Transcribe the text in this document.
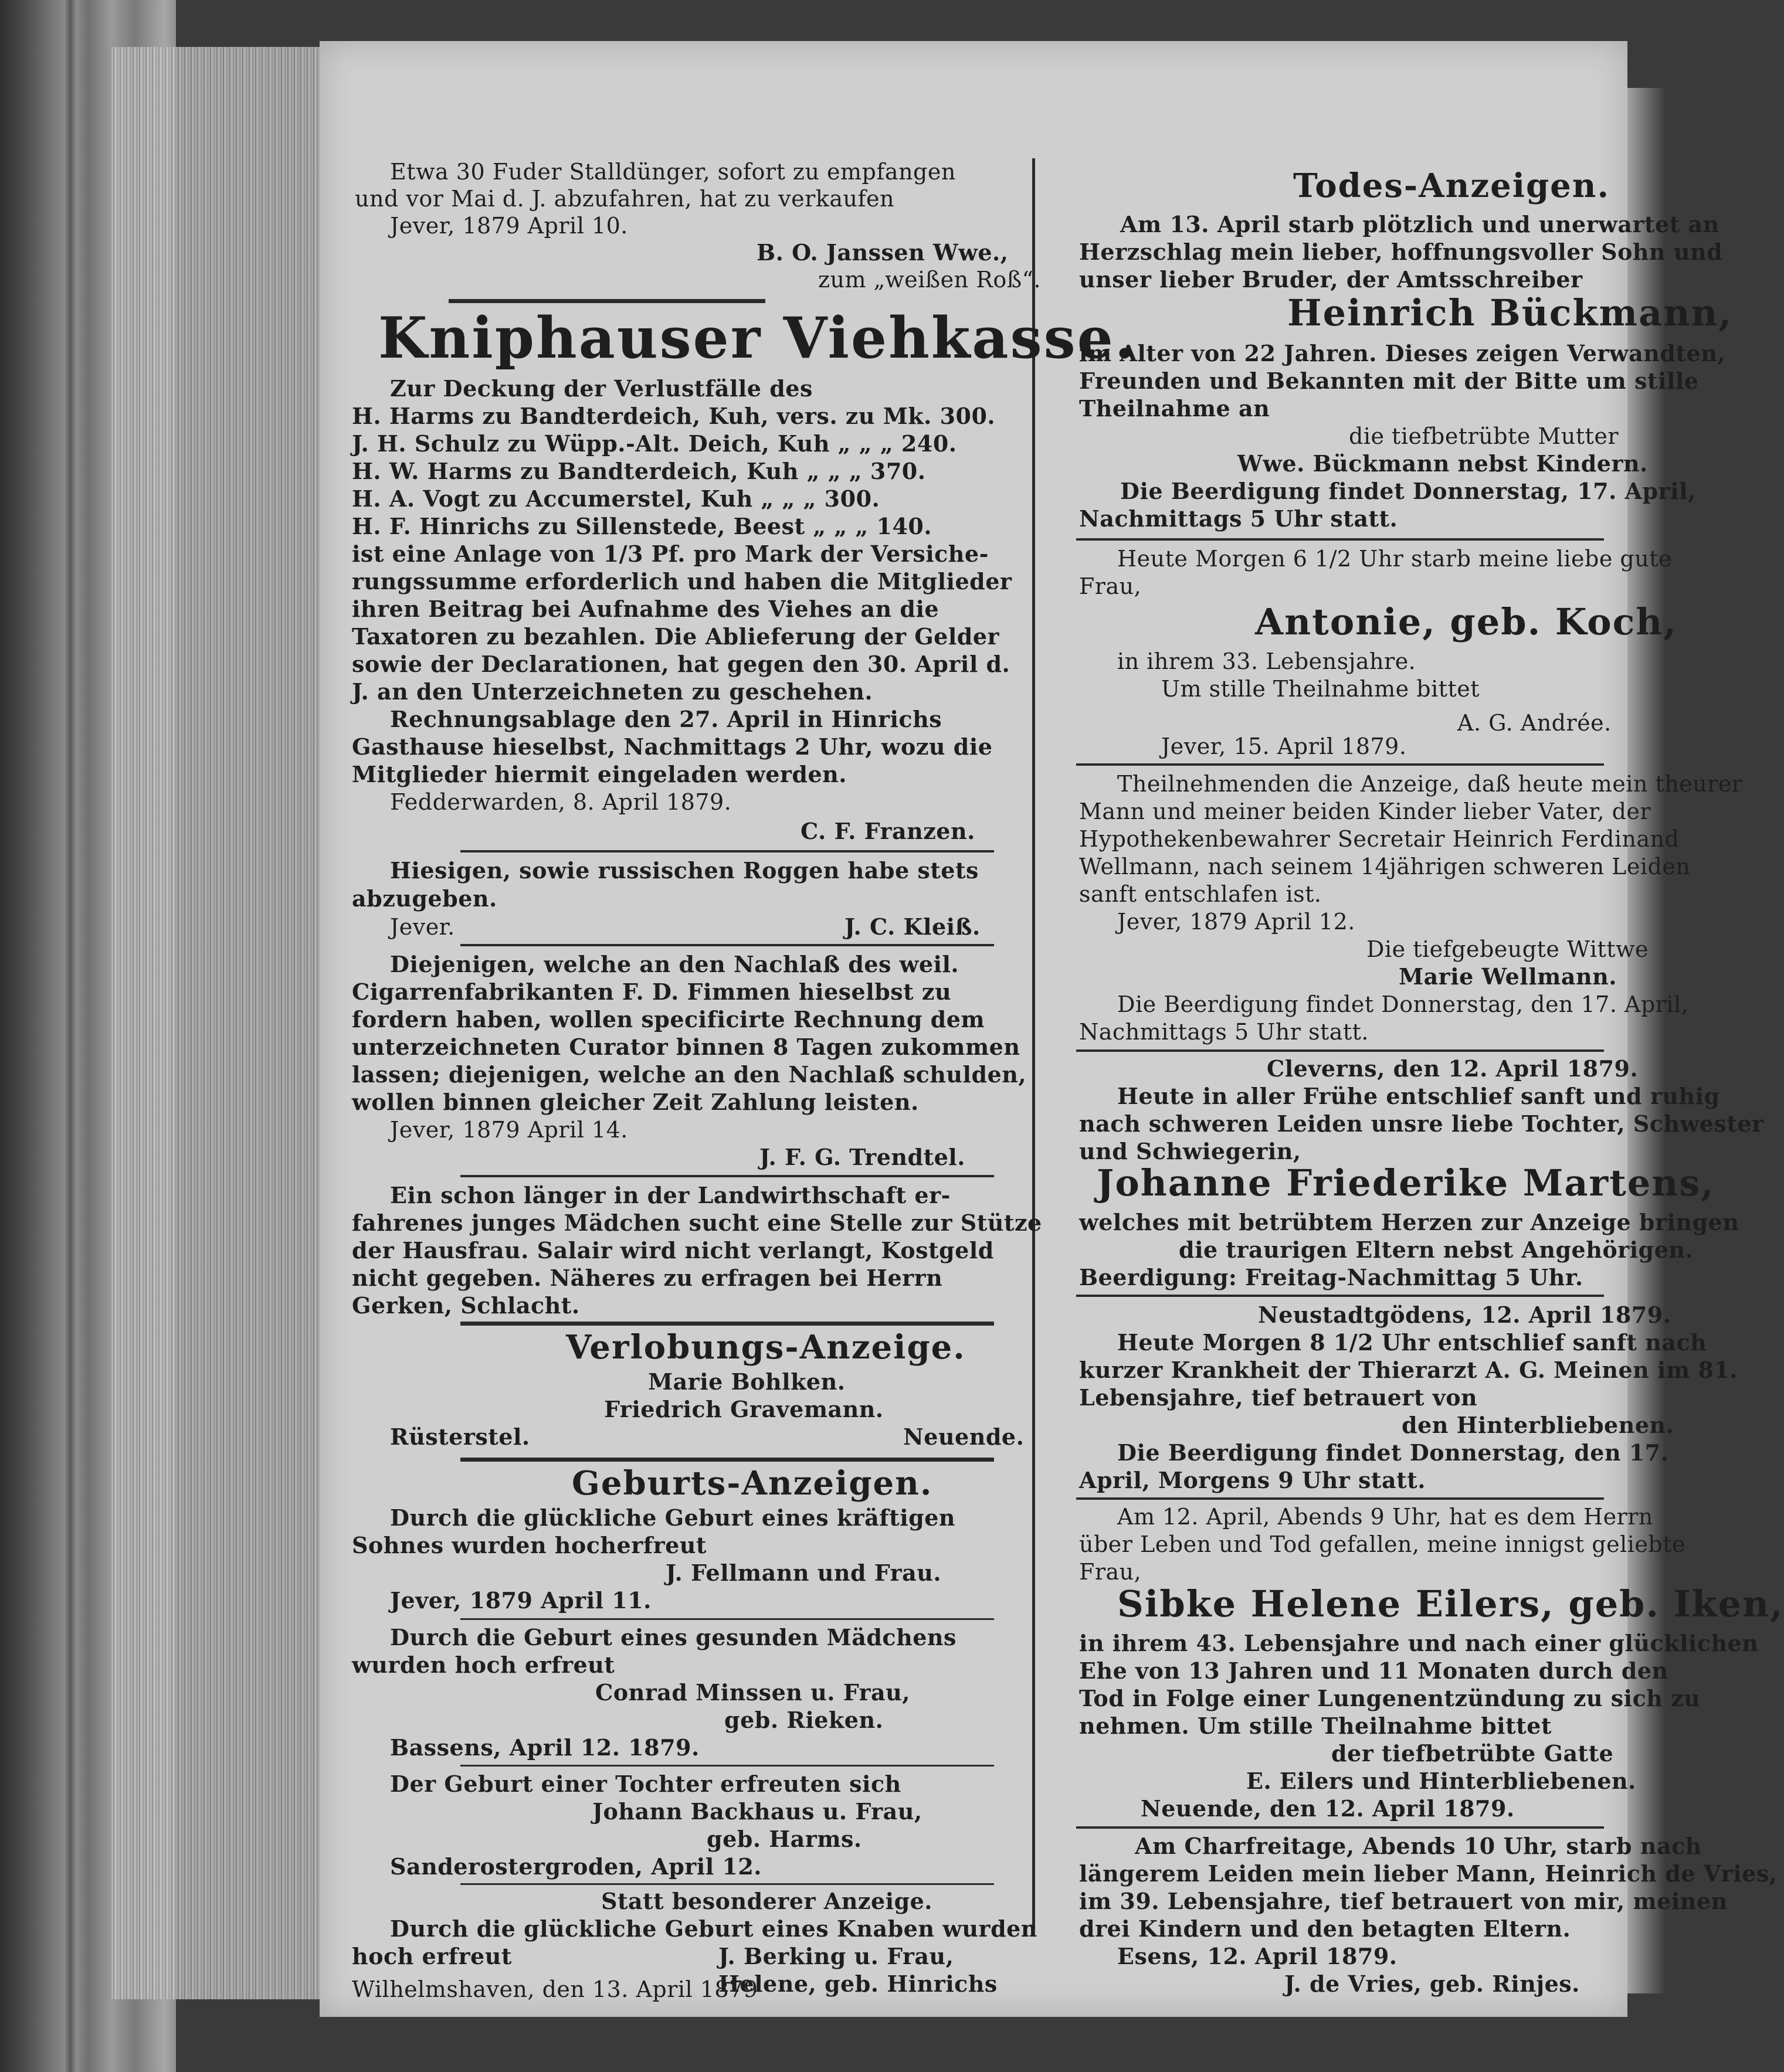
Etwa 30 Fuder Stalldünger, sofort zu empfangen
und vor Mai d. J. abzufahren, hat zu verkaufen
Jever, 1879 April 10.
B. O. Janssen Wwe.,
zum „weißen Roß“.
Kniphauser Viehkasse.
Zur Deckung der Verlustfälle des
H. Harms zu Bandterdeich, Kuh, vers. zu Mk. 300.
J. H. Schulz zu Wüpp.-Alt. Deich, Kuh „ „ „ 240.
H. W. Harms zu Bandterdeich, Kuh „ „ „ 370.
H. A. Vogt zu Accumerstel, Kuh „ „ „ 300.
H. F. Hinrichs zu Sillenstede, Beest „ „ „ 140.
ist eine Anlage von 1/3 Pf. pro Mark der Versiche-
rungssumme erforderlich und haben die Mitglieder
ihren Beitrag bei Aufnahme des Viehes an die
Taxatoren zu bezahlen. Die Ablieferung der Gelder
sowie der Declarationen, hat gegen den 30. April d.
J. an den Unterzeichneten zu geschehen.
Rechnungsablage den 27. April in Hinrichs
Gasthause hieselbst, Nachmittags 2 Uhr, wozu die
Mitglieder hiermit eingeladen werden.
Fedderwarden, 8. April 1879.
C. F. Franzen.
Hiesigen, sowie russischen Roggen habe stets
abzugeben.
Jever.	J. C. Kleiß.
Diejenigen, welche an den Nachlaß des weil.
Cigarrenfabrikanten F. D. Fimmen hieselbst zu
fordern haben, wollen specificirte Rechnung dem
unterzeichneten Curator binnen 8 Tagen zukommen
lassen; diejenigen, welche an den Nachlaß schulden,
wollen binnen gleicher Zeit Zahlung leisten.
Jever, 1879 April 14.
J. F. G. Trendtel.
Ein schon länger in der Landwirthschaft er-
fahrenes junges Mädchen sucht eine Stelle zur Stütze
der Hausfrau. Salair wird nicht verlangt, Kostgeld
nicht gegeben. Näheres zu erfragen bei Herrn
Gerken, Schlacht.
Verlobungs-Anzeige.
Marie Bohlken.
Friedrich Gravemann.
Rüsterstel.	Neuende.
Geburts-Anzeigen.
Durch die glückliche Geburt eines kräftigen
Sohnes wurden hocherfreut
J. Fellmann und Frau.
Jever, 1879 April 11.
Durch die Geburt eines gesunden Mädchens
wurden hoch erfreut
Conrad Minssen u. Frau,
geb. Rieken.
Bassens, April 12. 1879.
Der Geburt einer Tochter erfreuten sich
Johann Backhaus u. Frau,
geb. Harms.
Sanderostergroden, April 12.
Statt besonderer Anzeige.
Durch die glückliche Geburt eines Knaben wurden
hoch erfreut	J. Berking u. Frau,
Helene, geb. Hinrichs
Wilhelmshaven, den 13. April 1879
Todes-Anzeigen.
Am 13. April starb plötzlich und unerwartet an
Herzschlag mein lieber, hoffnungsvoller Sohn und
unser lieber Bruder, der Amtsschreiber
Heinrich Bückmann,
im Alter von 22 Jahren. Dieses zeigen Verwandten,
Freunden und Bekannten mit der Bitte um stille
Theilnahme an
die tiefbetrübte Mutter
Wwe. Bückmann nebst Kindern.
Die Beerdigung findet Donnerstag, 17. April,
Nachmittags 5 Uhr statt.
Heute Morgen 6 1/2 Uhr starb meine liebe gute
Frau,
Antonie, geb. Koch,
in ihrem 33. Lebensjahre.
Um stille Theilnahme bittet
A. G. Andrée.
Jever, 15. April 1879.
Theilnehmenden die Anzeige, daß heute mein theurer
Mann und meiner beiden Kinder lieber Vater, der
Hypothekenbewahrer Secretair Heinrich Ferdinand
Wellmann, nach seinem 14jährigen schweren Leiden
sanft entschlafen ist.
Jever, 1879 April 12.
Die tiefgebeugte Wittwe
Marie Wellmann.
Die Beerdigung findet Donnerstag, den 17. April,
Nachmittags 5 Uhr statt.
Cleverns, den 12. April 1879.
Heute in aller Frühe entschlief sanft und ruhig
nach schweren Leiden unsre liebe Tochter, Schwester
und Schwiegerin,
Johanne Friederike Martens,
welches mit betrübtem Herzen zur Anzeige bringen
die traurigen Eltern nebst Angehörigen.
Beerdigung: Freitag-Nachmittag 5 Uhr.
Neustadtgödens, 12. April 1879.
Heute Morgen 8 1/2 Uhr entschlief sanft nach
kurzer Krankheit der Thierarzt A. G. Meinen im 81.
Lebensjahre, tief betrauert von
den Hinterbliebenen.
Die Beerdigung findet Donnerstag, den 17.
April, Morgens 9 Uhr statt.
Am 12. April, Abends 9 Uhr, hat es dem Herrn
über Leben und Tod gefallen, meine innigst geliebte
Frau,
Sibke Helene Eilers, geb. Iken,
in ihrem 43. Lebensjahre und nach einer glücklichen
Ehe von 13 Jahren und 11 Monaten durch den
Tod in Folge einer Lungenentzündung zu sich zu
nehmen. Um stille Theilnahme bittet
der tiefbetrübte Gatte
E. Eilers und Hinterbliebenen.
Neuende, den 12. April 1879.
Am Charfreitage, Abends 10 Uhr, starb nach
längerem Leiden mein lieber Mann, Heinrich de Vries,
im 39. Lebensjahre, tief betrauert von mir, meinen
drei Kindern und den betagten Eltern.
Esens, 12. April 1879.
J. de Vries, geb. Rinjes.
